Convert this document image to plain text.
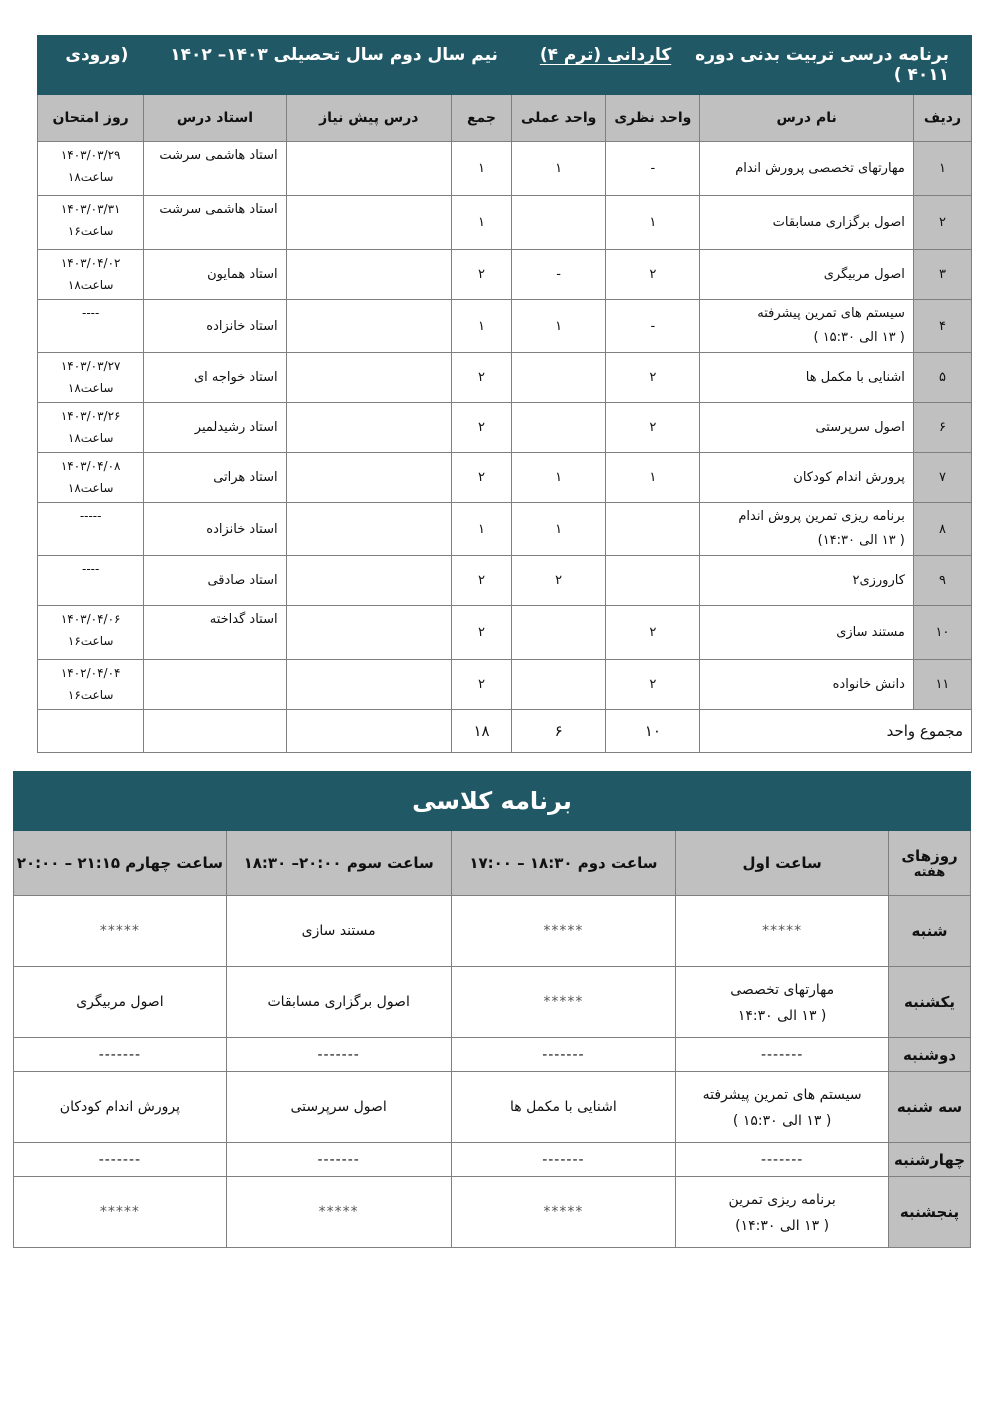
برنامه درسی تربیت بدنی دوره کاردانی (ترم ۴) نیم سال دوم سال تحصیلی ۱۴۰۳– ۱۴۰۲ (ورودی ۴۰۱۱ )							
ردیف	نام درس	واحد نظری	واحد عملی	جمع	درس پیش نیاز	استاد درس	روز امتحان
۱	مهارتهای تخصصی پرورش اندام	-	۱	۱		استاد هاشمی سرشت	۱۴۰۳/۰۳/۲۹
ساعت۱۸

۲	اصول برگزاری مسابقات	۱		۱		استاد هاشمی سرشت	۱۴۰۳/۰۳/۳۱
ساعت۱۶

۳	اصول مربیگری	۲	-	۲		استاد همایون	۱۴۰۳/۰۴/۰۲
ساعت۱۸

۴	سیستم های تمرین پیشرفته
( ۱۳ الی ۱۵:۳۰ )	-	۱	۱		استاد خانزاده	----

۵	اشنایی با مکمل ها	۲		۲		استاد خواجه ای	۱۴۰۳/۰۳/۲۷
ساعت۱۸

۶	اصول سرپرستی	۲		۲		استاد رشیدلمیر	۱۴۰۳/۰۳/۲۶
ساعت۱۸

۷	پرورش اندام کودکان	۱	۱	۲		استاد هراتی	۱۴۰۳/۰۴/۰۸
ساعت۱۸

۸	برنامه ریزی تمرین پروش اندام
( ۱۳ الی ۱۴:۳۰)		۱	۱		استاد خانزاده	-----

۹	کارورزی۲		۲	۲		استاد صادقی	----

۱۰	مستند سازی	۲		۲		استاد گداخته	۱۴۰۳/۰۴/۰۶
ساعت۱۶

۱۱	دانش خانواده	۲		۲			۱۴۰۲/۰۴/۰۴
ساعت۱۶

مجموع واحد		۱۰	۶	۱۸			
برنامه کلاسی				

روزهای
هفته	ساعت اول	ساعت دوم ۱۸:۳۰ – ۱۷:۰۰	ساعت سوم ۲۰:۰۰– ۱۸:۳۰	ساعت چهارم ۲۱:۱۵ – ۲۰:۰۰
شنبه	*****	*****	مستند سازی	*****
یکشنبه	مهارتهای تخصصی
( ۱۳ الی ۱۴:۳۰	*****	اصول برگزاری مسابقات	اصول مربیگری
دوشنبه	-------	-------	-------	-------
سه شنبه	سیستم های تمرین پیشرفته
( ۱۳ الی ۱۵:۳۰ )	اشنایی با مکمل ها	اصول سرپرستی	پرورش اندام کودکان
چهارشنبه	-------	-------	-------	-------
پنجشنبه	برنامه ریزی تمرین
( ۱۳ الی ۱۴:۳۰)	*****	*****	*****
